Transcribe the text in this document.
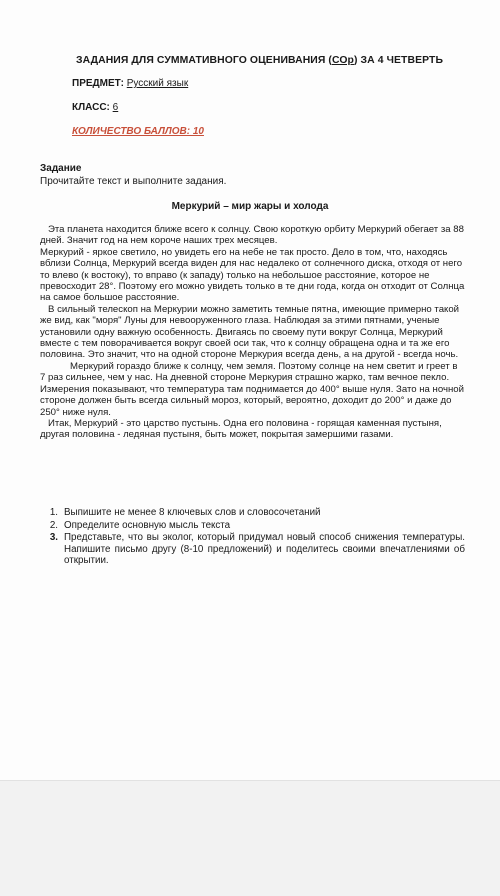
ЗАДАНИЯ ДЛЯ СУММАТИВНОГО ОЦЕНИВАНИЯ (СОр) ЗА 4 ЧЕТВЕРТЬ
ПРЕДМЕТ: Русский язык
КЛАСС: 6
КОЛИЧЕСТВО БАЛЛОВ: 10
Задание
Прочитайте текст и выполните задания.
Меркурий – мир жары и холода

Эта планета находится ближе всего к солнцу. Свою короткую орбиту Меркурий обегает за 88 дней. Значит год на нем короче наших трех месяцев.

Меркурий - яркое светило, но увидеть его на небе не так просто. Дело в том, что, находясь вблизи Солнца, Меркурий всегда виден для нас недалеко от солнечного диска, отходя от него то влево (к востоку), то вправо (к западу) только на небольшое расстояние, которое не превосходит 28°. Поэтому его можно увидеть только в те дни года, когда он отходит от Солнца на самое большое расстояние.

В сильный телескоп на Меркурии можно заметить темные пятна, имеющие примерно такой же вид, как "моря" Луны для невооруженного глаза. Наблюдая за этими пятнами, ученые установили одну важную особенность. Двигаясь по своему пути вокруг Солнца, Меркурий вместе с тем поворачивается вокруг своей оси так, что к солнцу обращена одна и та же его половина. Это значит, что на одной стороне Меркурия всегда день, а на другой - всегда ночь.

Меркурий гораздо ближе к солнцу, чем земля. Поэтому солнце на нем светит и греет в 7 раз сильнее, чем у нас. На дневной стороне Меркурия страшно жарко, там вечное пекло. Измерения показывают, что температура там поднимается до 400° выше нуля. Зато на ночной стороне должен быть всегда сильный мороз, который, вероятно, доходит до 200° и даже до 250° ниже нуля.

Итак, Меркурий - это царство пустынь. Одна его половина - горящая каменная пустыня, другая половина - ледяная пустыня, быть может, покрытая замершими газами.

1. Выпишите не менее 8 ключевых слов и словосочетаний
2. Определите основную мысль текста
3. Представьте, что вы эколог, который придумал новый способ снижения температуры. Напишите письмо другу (8-10 предложений) и поделитесь своими впечатлениями об открытии.
